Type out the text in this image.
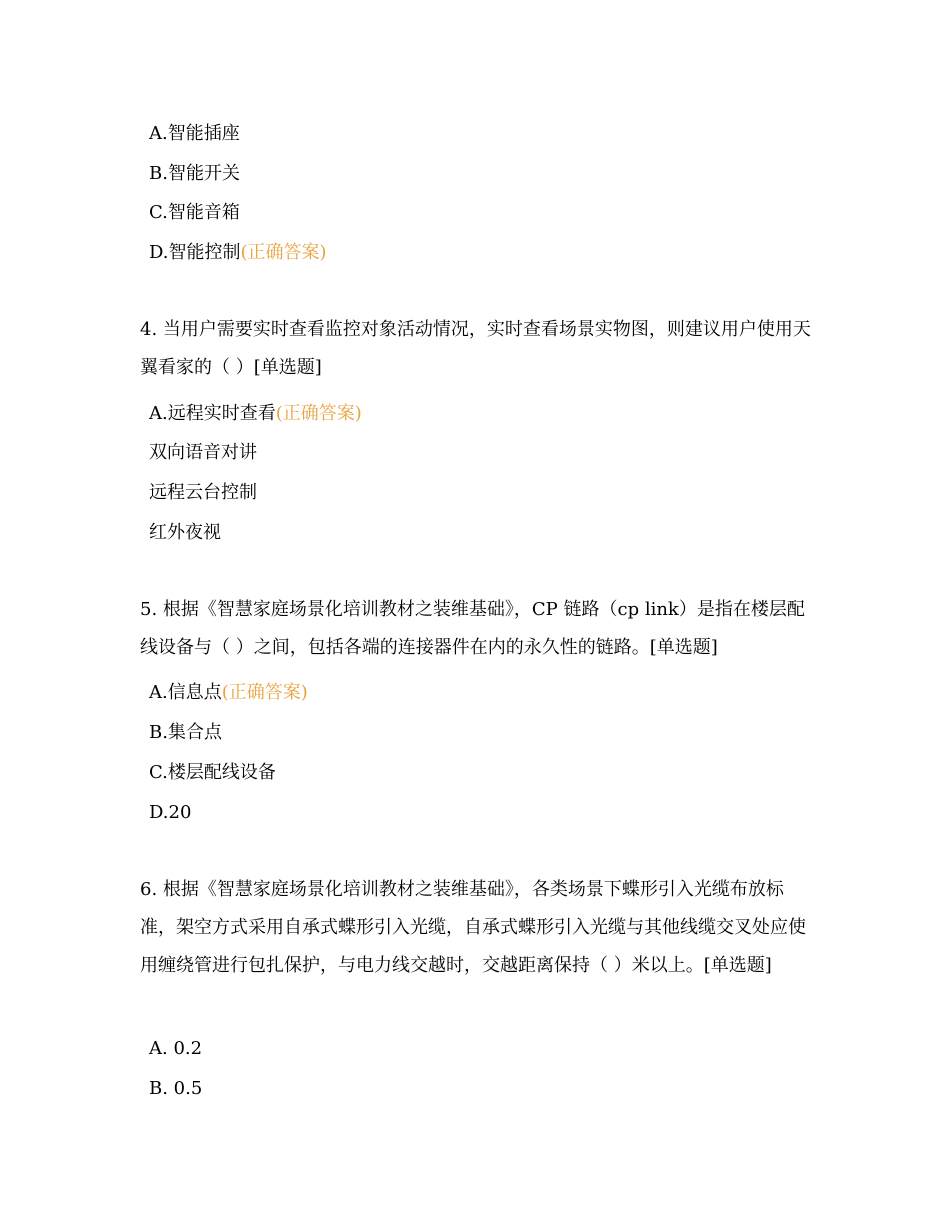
A.智能插座
B.智能开关
C.智能音箱
D.智能控制(正确答案)
4. 当用户需要实时查看监控对象活动情况，实时查看场景实物图，则建议用户使用天翼看家的（ ）[单选题]
A.远程实时查看(正确答案)
双向语音对讲
远程云台控制
红外夜视
5. 根据《智慧家庭场景化培训教材之装维基础》，CP 链路（cp link）是指在楼层配线设备与（ ）之间，包括各端的连接器件在内的永久性的链路。[单选题]
A.信息点(正确答案)
B.集合点
C.楼层配线设备
D.20
6. 根据《智慧家庭场景化培训教材之装维基础》，各类场景下蝶形引入光缆布放标准，架空方式采用自承式蝶形引入光缆，自承式蝶形引入光缆与其他线缆交叉处应使用缠绕管进行包扎保护，与电力线交越时，交越距离保持（ ）米以上。[单选题]
A. 0.2
B. 0.5
